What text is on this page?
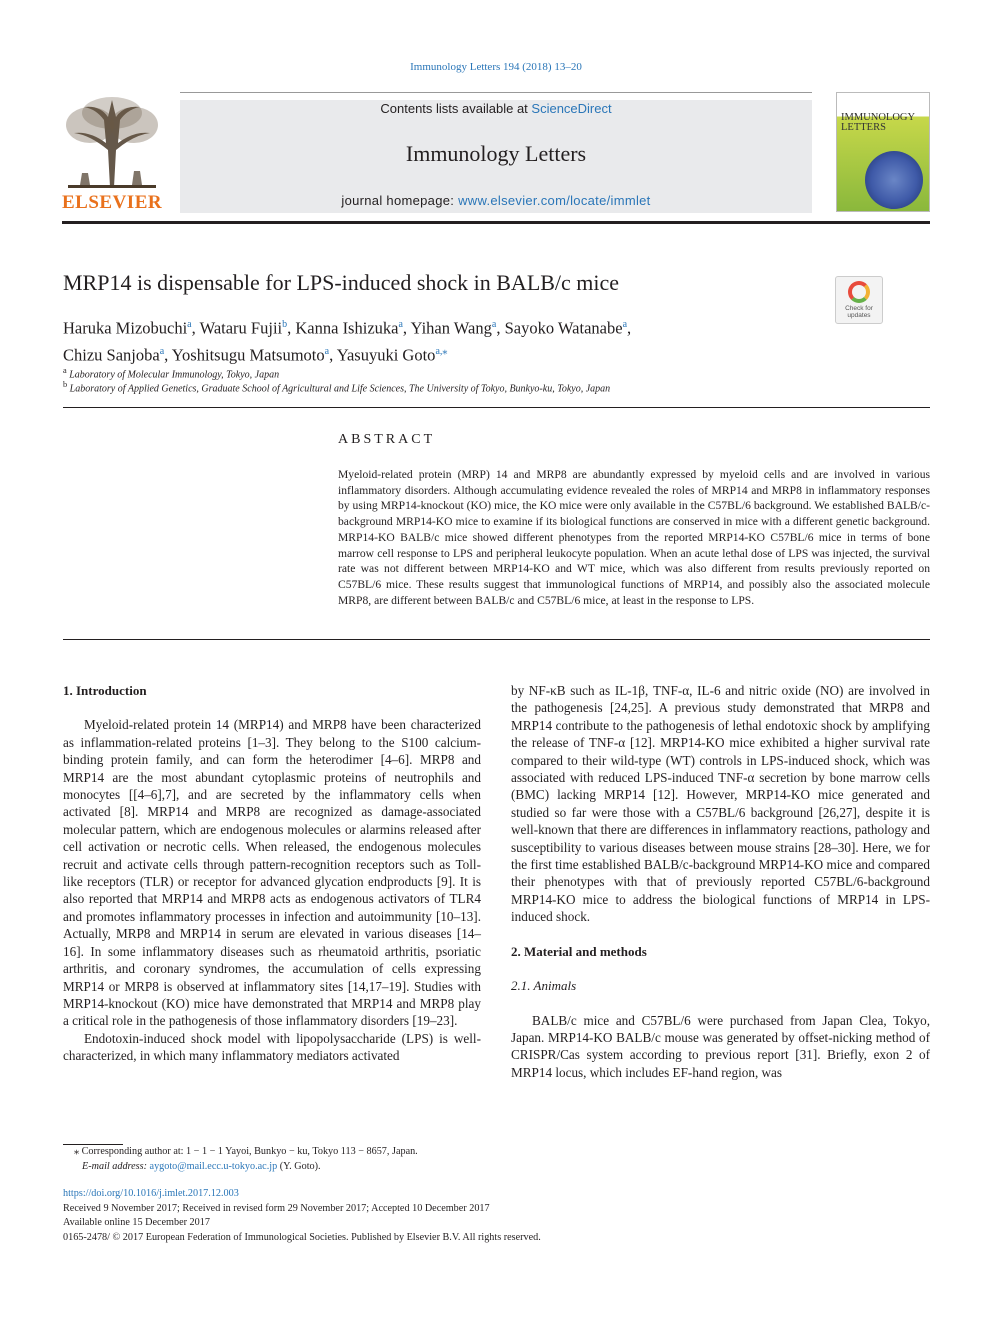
Immunology Letters 194 (2018) 13–20
ELSEVIER
Contents lists available at ScienceDirect
Immunology Letters
journal homepage: www.elsevier.com/locate/immlet
IMMUNOLOGY
LETTERS
MRP14 is dispensable for LPS-induced shock in BALB/c mice
Check for
updates
Haruka Mizobuchi$^a$, Wataru Fujii$^b$, Kanna Ishizuka$^a$, Yihan Wang$^a$, Sayoko Watanabe$^a$,
Chizu Sanjoba$^a$, Yoshitsugu Matsumoto$^a$, Yasuyuki Goto$^{a,⁎}$
$^a$ Laboratory of Molecular Immunology, Tokyo, Japan
$^b$ Laboratory of Applied Genetics, Graduate School of Agricultural and Life Sciences, The University of Tokyo, Bunkyo-ku, Tokyo, Japan
ABSTRACT
Myeloid-related protein (MRP) 14 and MRP8 are abundantly expressed by myeloid cells and are involved in various inflammatory disorders. Although accumulating evidence revealed the roles of MRP14 and MRP8 in inflammatory responses by using MRP14-knockout (KO) mice, the KO mice were only available in the C57BL/6 background. We established BALB/c-background MRP14-KO mice to examine if its biological functions are conserved in mice with a different genetic background. MRP14-KO BALB/c mice showed different phenotypes from the reported MRP14-KO C57BL/6 mice in terms of bone marrow cell response to LPS and peripheral leukocyte population. When an acute lethal dose of LPS was injected, the survival rate was not different between MRP14-KO and WT mice, which was also different from results previously reported on C57BL/6 mice. These results suggest that immunological functions of MRP14, and possibly also the associated molecule MRP8, are different between BALB/c and C57BL/6 mice, at least in the response to LPS.
1. Introduction

Myeloid-related protein 14 (MRP14) and MRP8 have been characterized as inflammation-related proteins [1–3]. They belong to the S100 calcium-binding protein family, and can form the heterodimer [4–6]. MRP8 and MRP14 are the most abundant cytoplasmic proteins of neutrophils and monocytes [[4–6],7], and are secreted by the inflammatory cells when activated [8]. MRP14 and MRP8 are recognized as damage-associated molecular pattern, which are endogenous molecules or alarmins released after cell activation or necrotic cells. When released, the endogenous molecules recruit and activate cells through pattern-recognition receptors such as Toll-like receptors (TLR) or receptor for advanced glycation endproducts [9]. It is also reported that MRP14 and MRP8 acts as endogenous activators of TLR4 and promotes inflammatory processes in infection and autoimmunity [10–13]. Actually, MRP8 and MRP14 in serum are elevated in various diseases [14–16]. In some inflammatory diseases such as rheumatoid arthritis, psoriatic arthritis, and coronary syndromes, the accumulation of cells expressing MRP14 or MRP8 is observed at inflammatory sites [14,17–19]. Studies with MRP14-knockout (KO) mice have demonstrated that MRP14 and MRP8 play a critical role in the pathogenesis of those inflammatory disorders [19–23].

Endotoxin-induced shock model with lipopolysaccharide (LPS) is well-characterized, in which many inflammatory mediators activated

by NF-κB such as IL-1β, TNF-α, IL-6 and nitric oxide (NO) are involved in the pathogenesis [24,25]. A previous study demonstrated that MRP8 and MRP14 contribute to the pathogenesis of lethal endotoxic shock by amplifying the release of TNF-α [12]. MRP14-KO mice exhibited a higher survival rate compared to their wild-type (WT) controls in LPS-induced shock, which was associated with reduced LPS-induced TNF-α secretion by bone marrow cells (BMC) lacking MRP14 [12]. However, MRP14-KO mice generated and studied so far were those with a C57BL/6 background [26,27], despite it is well-known that there are differences in inflammatory reactions, pathology and susceptibility to various diseases between mouse strains [28–30]. Here, we for the first time established BALB/c-background MRP14-KO mice and compared their phenotypes with that of previously reported C57BL/6-background MRP14-KO mice to address the biological functions of MRP14 in LPS-induced shock.

2. Material and methods
2.1. Animals

BALB/c mice and C57BL/6 were purchased from Japan Clea, Tokyo, Japan. MRP14-KO BALB/c mouse was generated by offset-nicking method of CRISPR/Cas system according to previous report [31]. Briefly, exon 2 of MRP14 locus, which includes EF-hand region, was

⁎ Corresponding author at: 1 − 1 − 1 Yayoi, Bunkyo − ku, Tokyo 113 − 8657, Japan.
E-mail address: aygoto@mail.ecc.u-tokyo.ac.jp (Y. Goto).
https://doi.org/10.1016/j.imlet.2017.12.003
Received 9 November 2017; Received in revised form 29 November 2017; Accepted 10 December 2017
Available online 15 December 2017
0165-2478/ © 2017 European Federation of Immunological Societies. Published by Elsevier B.V. All rights reserved.
